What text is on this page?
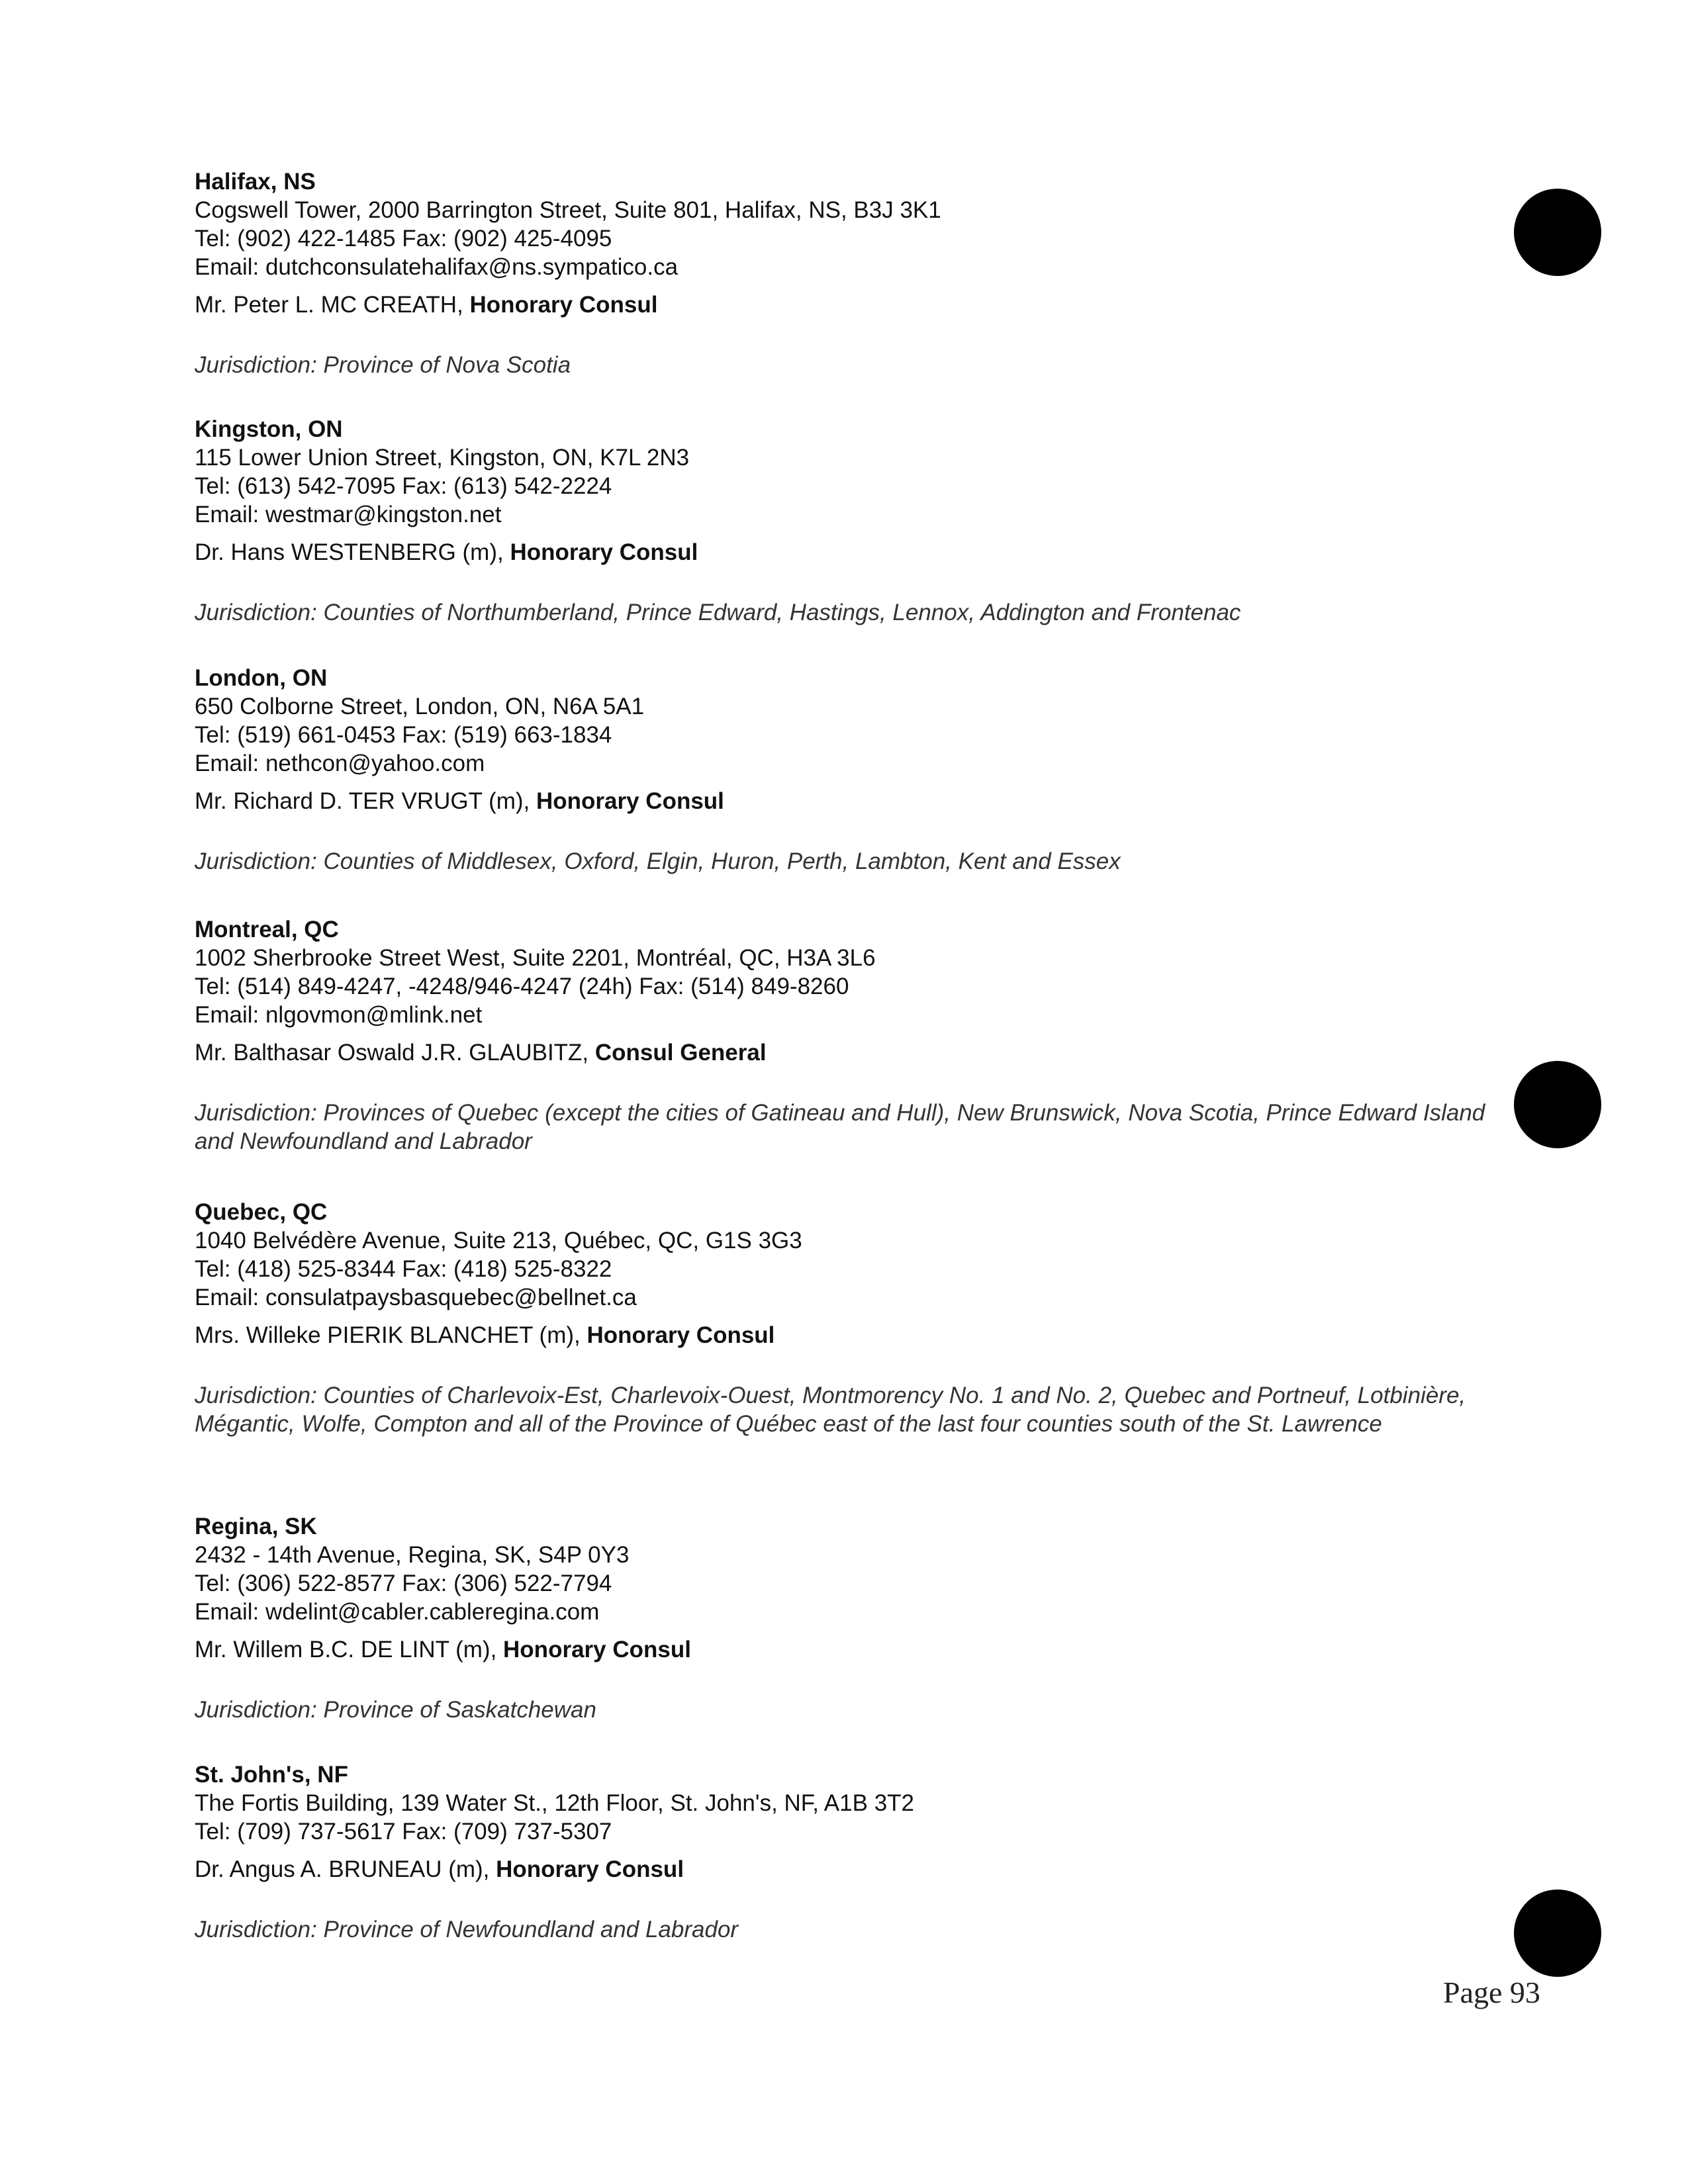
Halifax, NS

Cogswell Tower, 2000 Barrington Street, Suite 801, Halifax, NS, B3J 3K1

Tel: (902) 422-1485 Fax: (902) 425-4095

Email: dutchconsulatehalifax@ns.sympatico.ca

Mr. Peter L. MC CREATH, Honorary Consul

Jurisdiction: Province of Nova Scotia

Kingston, ON

115 Lower Union Street, Kingston, ON, K7L 2N3

Tel: (613) 542-7095 Fax: (613) 542-2224

Email: westmar@kingston.net

Dr. Hans WESTENBERG (m), Honorary Consul

Jurisdiction: Counties of Northumberland, Prince Edward, Hastings, Lennox, Addington and Frontenac

London, ON

650 Colborne Street, London, ON, N6A 5A1

Tel: (519) 661-0453 Fax: (519) 663-1834

Email: nethcon@yahoo.com

Mr. Richard D. TER VRUGT (m), Honorary Consul

Jurisdiction: Counties of Middlesex, Oxford, Elgin, Huron, Perth, Lambton, Kent and Essex

Montreal, QC

1002 Sherbrooke Street West, Suite 2201, Montréal, QC, H3A 3L6

Tel: (514) 849-4247, -4248/946-4247 (24h) Fax: (514) 849-8260

Email: nlgovmon@mlink.net

Mr. Balthasar Oswald J.R. GLAUBITZ, Consul General

Jurisdiction: Provinces of Quebec (except the cities of Gatineau and Hull), New Brunswick, Nova Scotia, Prince Edward Island and Newfoundland and Labrador

Quebec, QC

1040 Belvédère Avenue, Suite 213, Québec, QC, G1S 3G3

Tel: (418) 525-8344 Fax: (418) 525-8322

Email: consulatpaysbasquebec@bellnet.ca

Mrs. Willeke PIERIK BLANCHET (m), Honorary Consul

Jurisdiction: Counties of Charlevoix-Est, Charlevoix-Ouest, Montmorency No. 1 and No. 2, Quebec and Portneuf, Lotbinière, Mégantic, Wolfe, Compton and all of the Province of Québec east of the last four counties south of the St. Lawrence

Regina, SK

2432 - 14th Avenue, Regina, SK, S4P 0Y3

Tel: (306) 522-8577 Fax: (306) 522-7794

Email: wdelint@cabler.cableregina.com

Mr. Willem B.C. DE LINT (m), Honorary Consul

Jurisdiction: Province of Saskatchewan

St. John's, NF

The Fortis Building, 139 Water St., 12th Floor, St. John's, NF, A1B 3T2

Tel: (709) 737-5617 Fax: (709) 737-5307

Dr. Angus A. BRUNEAU (m), Honorary Consul

Jurisdiction: Province of Newfoundland and Labrador

Page 93
